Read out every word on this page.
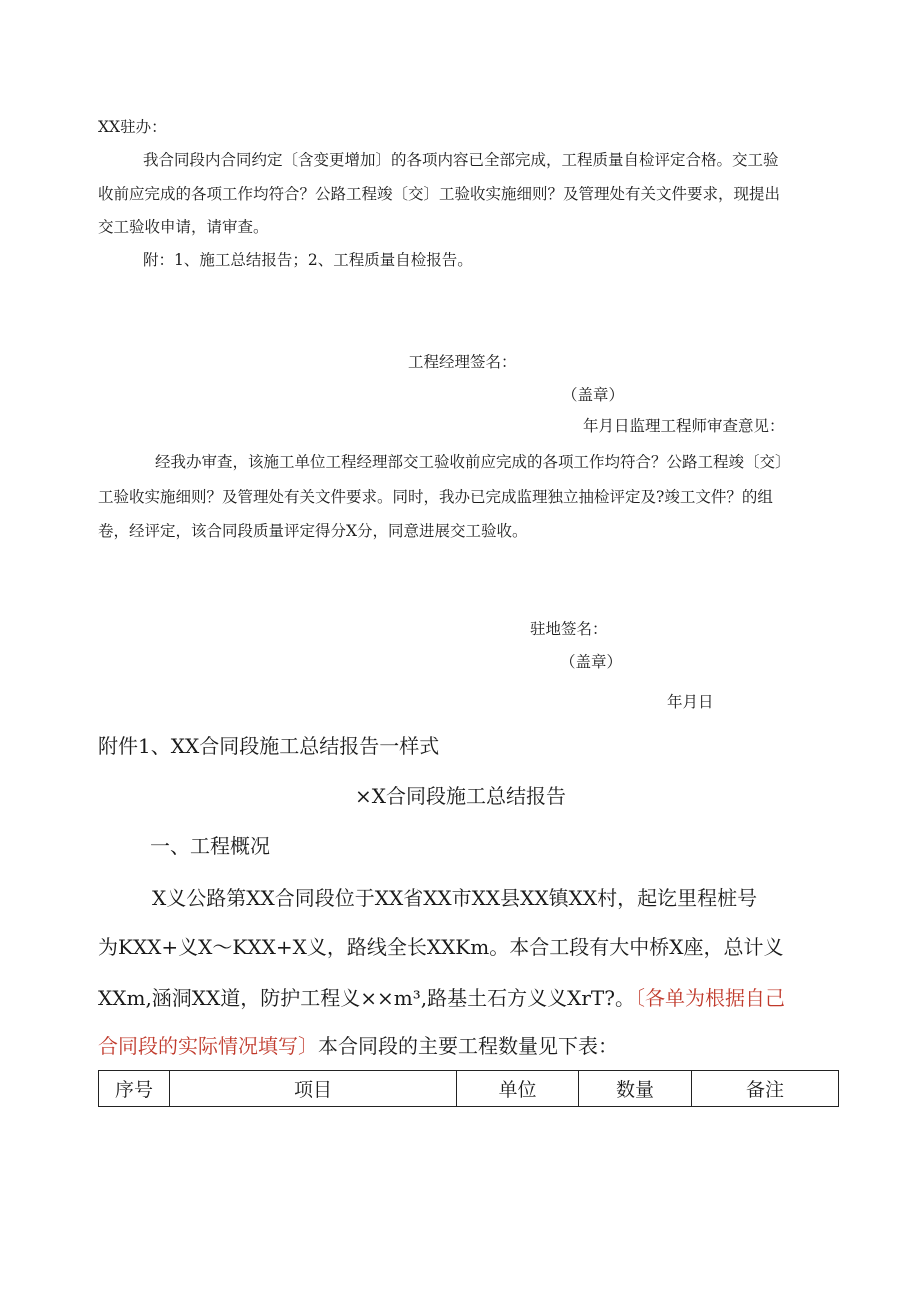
XX驻办：

我合同段内合同约定〔含变更增加〕的各项内容已全部完成，工程质量自检评定合格。交工验

收前应完成的各项工作均符合？公路工程竣〔交〕工验收实施细则？及管理处有关文件要求，现提出

交工验收申请，请审查。

附：1、施工总结报告；2、工程质量自检报告。

工程经理签名：

（盖章）

年月日监理工程师审查意见：

经我办审查，该施工单位工程经理部交工验收前应完成的各项工作均符合？公路工程竣〔交〕

工验收实施细则？及管理处有关文件要求。同时，我办已完成监理独立抽检评定及?竣工文件？的组

卷，经评定，该合同段质量评定得分X分，同意进展交工验收。

驻地签名：

（盖章）

年月日

附件1、XX合同段施工总结报告一样式

×X合同段施工总结报告

一、工程概况

X义公路第XX合同段位于XX省XX市XX县XX镇XX村，起讫里程桩号

为KXX+义X〜KXX+X义，路线全长XXKm。本合工段有大中桥X座，总计义

XXm,涵洞XX道，防护工程义××m³,路基土石方义义XrT?。〔各单为根据自己

合同段的实际情况填写〕本合同段的主要工程数量见下表：

序号	项目	单位	数量	备注
